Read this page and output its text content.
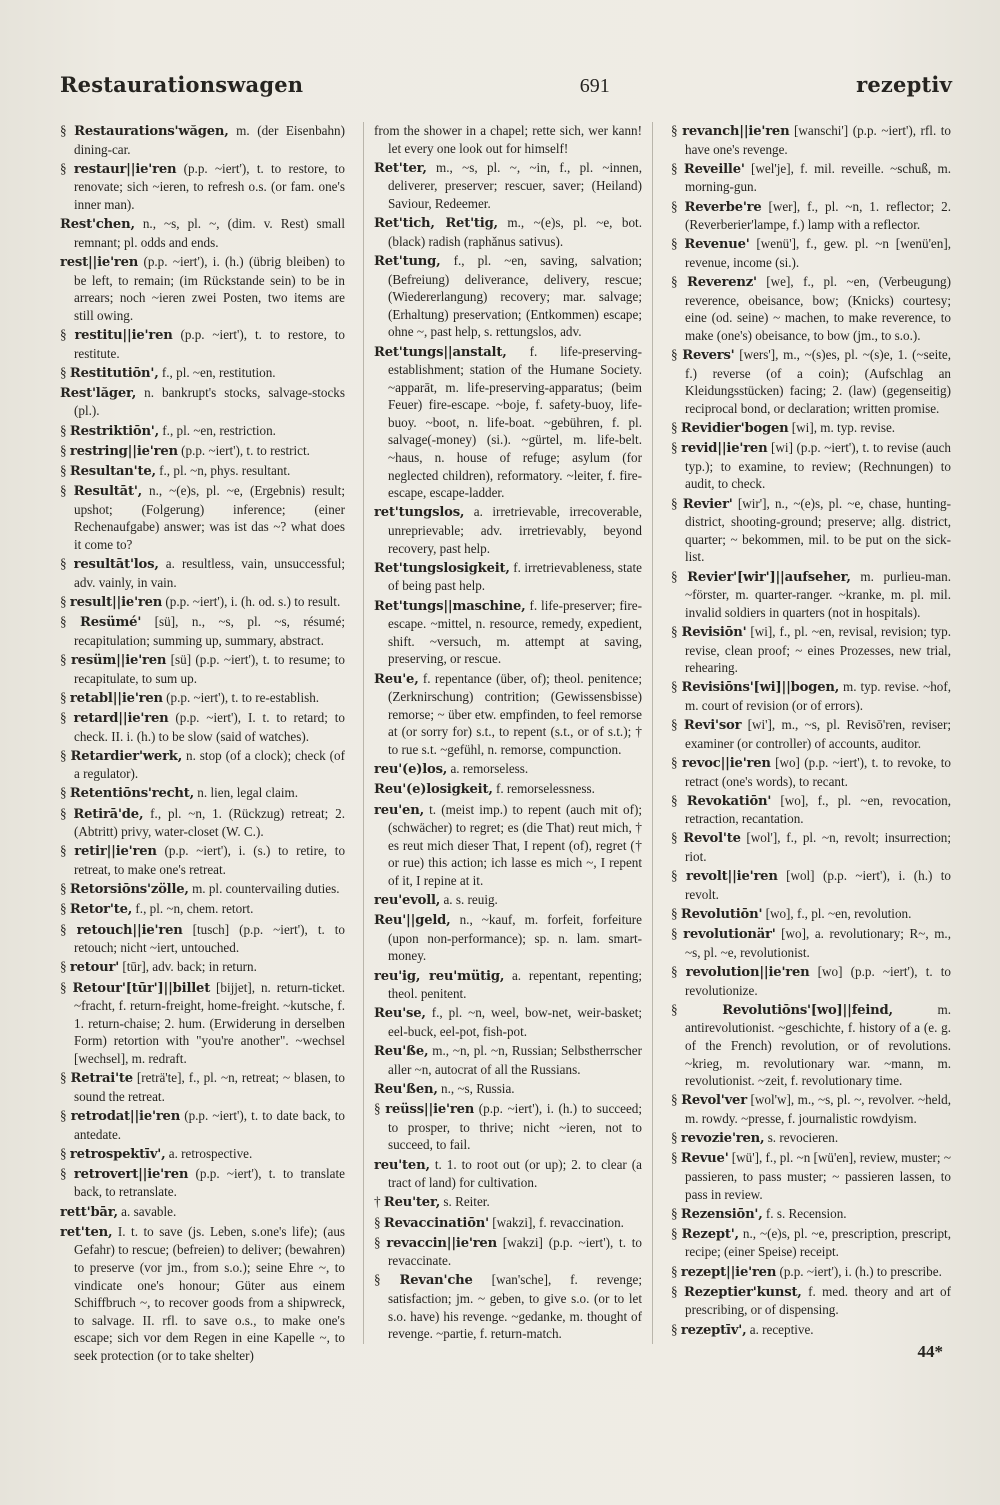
Restaurationswagen	691	rezeptiv

§ Restaurations'wăgen, m. (der Eisenbahn) dining-car.

§ restaur||ie'ren (p.p. ~iert'), t. to restore, to renovate; sich ~ieren, to refresh o.s. (or fam. one's inner man).

Rest'chen, n., ~s, pl. ~, (dim. v. Rest) small remnant; pl. odds and ends.

rest||ie'ren (p.p. ~iert'), i. (h.) (übrig bleiben) to be left, to remain; (im Rückstande sein) to be in arrears; noch ~ieren zwei Posten, two items are still owing.

§ restitu||ie'ren (p.p. ~iert'), t. to restore, to restitute.

§ Restitutiōn', f., pl. ~en, restitution.

Rest'lăger, n. bankrupt's stocks, salvage-stocks (pl.).

§ Restriktiōn', f., pl. ~en, restriction.

§ restring||ie'ren (p.p. ~iert'), t. to restrict.

§ Resultan'te, f., pl. ~n, phys. resultant.

§ Resultāt', n., ~(e)s, pl. ~e, (Ergebnis) result; upshot; (Folgerung) inference; (einer Rechenaufgabe) answer; was ist das ~? what does it come to?

§ resultāt'los, a. resultless, vain, unsuccessful; adv. vainly, in vain.

§ result||ie'ren (p.p. ~iert'), i. (h. od. s.) to result.

§ Resümé' [sü], n., ~s, pl. ~s, résumé; recapitulation; summing up, summary, abstract.

§ resüm||ie'ren [sü] (p.p. ~iert'), t. to resume; to recapitulate, to sum up.

§ retabl||ie'ren (p.p. ~iert'), t. to re-establish.

§ retard||ie'ren (p.p. ~iert'), I. t. to retard; to check. II. i. (h.) to be slow (said of watches).

§ Retardier'werk, n. stop (of a clock); check (of a regulator).

§ Retentiōns'recht, n. lien, legal claim.

§ Retirā'de, f., pl. ~n, 1. (Rückzug) retreat; 2. (Abtritt) privy, water-closet (W. C.).

§ retir||ie'ren (p.p. ~iert'), i. (s.) to retire, to retreat, to make one's retreat.

§ Retorsiōns'zölle, m. pl. countervailing duties.

§ Retor'te, f., pl. ~n, chem. retort.

§ retouch||ie'ren [tusch] (p.p. ~iert'), t. to retouch; nicht ~iert, untouched.

§ retour' [tūr], adv. back; in return.

§ Retour'[tūr']||billet [bijjet], n. return-ticket. ~fracht, f. return-freight, home-freight. ~kutsche, f. 1. return-chaise; 2. hum. (Erwiderung in derselben Form) retortion with "you're another". ~wechsel [wechsel], m. redraft.

§ Retrai'te [reträ'te], f., pl. ~n, retreat; ~ blasen, to sound the retreat.

§ retrodat||ie'ren (p.p. ~iert'), t. to date back, to antedate.

§ retrospektīv', a. retrospective.

§ retrovert||ie'ren (p.p. ~iert'), t. to translate back, to retranslate.

rett'bār, a. savable.

ret'ten, I. t. to save (js. Leben, s.one's life); (aus Gefahr) to rescue; (befreien) to deliver; (bewahren) to preserve (vor jm., from s.o.); seine Ehre ~, to vindicate one's honour; Güter aus einem Schiffbruch ~, to recover goods from a shipwreck, to salvage. II. rfl. to save o.s., to make one's escape; sich vor dem Regen in eine Kapelle ~, to seek protection (or to take shelter)

from the shower in a chapel; rette sich, wer kann! let every one look out for himself!

Ret'ter, m., ~s, pl. ~, ~in, f., pl. ~innen, deliverer, preserver; rescuer, saver; (Heiland) Saviour, Redeemer.

Ret'tich, Ret'tig, m., ~(e)s, pl. ~e, bot. (black) radish (raphănus sativus).

Ret'tung, f., pl. ~en, saving, salvation; (Befreiung) deliverance, delivery, rescue; (Wiedererlangung) recovery; mar. salvage; (Erhaltung) preservation; (Entkommen) escape; ohne ~, past help, s. rettungslos, adv.

Ret'tungs||anstalt, f. life-preserving-establishment; station of the Humane Society. ~apparāt, m. life-preserving-apparatus; (beim Feuer) fire-escape. ~boje, f. safety-buoy, life-buoy. ~boot, n. life-boat. ~gebühren, f. pl. salvage(-money) (si.). ~gürtel, m. life-belt. ~haus, n. house of refuge; asylum (for neglected children), reformatory. ~leiter, f. fire-escape, escape-ladder.

ret'tungslos, a. irretrievable, irrecoverable, unreprievable; adv. irretrievably, beyond recovery, past help.

Ret'tungslosigkeit, f. irretrievableness, state of being past help.

Ret'tungs||maschine, f. life-preserver; fire-escape. ~mittel, n. resource, remedy, expedient, shift. ~versuch, m. attempt at saving, preserving, or rescue.

Reu'e, f. repentance (über, of); theol. penitence; (Zerknirschung) contrition; (Gewissensbisse) remorse; ~ über etw. empfinden, to feel remorse at (or sorry for) s.t., to repent (s.t., or of s.t.); † to rue s.t. ~gefühl, n. remorse, compunction.

reu'(e)los, a. remorseless.

Reu'(e)losigkeit, f. remorselessness.

reu'en, t. (meist imp.) to repent (auch mit of); (schwächer) to regret; es (die That) reut mich, † es reut mich dieser That, I repent (of), regret († or rue) this action; ich lasse es mich ~, I repent of it, I repine at it.

reu'evoll, a. s. reuig.

Reu'||geld, n., ~kauf, m. forfeit, forfeiture (upon non-performance); sp. n. lam. smart-money.

reu'ig, reu'mütig, a. repentant, repenting; theol. penitent.

Reu'se, f., pl. ~n, weel, bow-net, weir-basket; eel-buck, eel-pot, fish-pot.

Reu'ße, m., ~n, pl. ~n, Russian; Selbstherrscher aller ~n, autocrat of all the Russians.

Reu'ßen, n., ~s, Russia.

§ reüss||ie'ren (p.p. ~iert'), i. (h.) to succeed; to prosper, to thrive; nicht ~ieren, not to succeed, to fail.

reu'ten, t. 1. to root out (or up); 2. to clear (a tract of land) for cultivation.

† Reu'ter, s. Reiter.

§ Revaccinatiōn' [wakzi], f. revaccination.

§ revaccin||ie'ren [wakzi] (p.p. ~iert'), t. to revaccinate.

§ Revan'che [wan'sche], f. revenge; satisfaction; jm. ~ geben, to give s.o. (or to let s.o. have) his revenge. ~gedanke, m. thought of revenge. ~partie, f. return-match.

§ revanch||ie'ren [wanschi'] (p.p. ~iert'), rfl. to have one's revenge.

§ Reveille' [wel'je], f. mil. reveille. ~schuß, m. morning-gun.

§ Reverbe're [wer], f., pl. ~n, 1. reflector; 2. (Reverberier'lampe, f.) lamp with a reflector.

§ Revenue' [wenü'], f., gew. pl. ~n [wenü'en], revenue, income (si.).

§ Reverenz' [we], f., pl. ~en, (Verbeugung) reverence, obeisance, bow; (Knicks) courtesy; eine (od. seine) ~ machen, to make reverence, to make (one's) obeisance, to bow (jm., to s.o.).

§ Revers' [wers'], m., ~(s)es, pl. ~(s)e, 1. (~seite, f.) reverse (of a coin); (Aufschlag an Kleidungsstücken) facing; 2. (law) (gegenseitig) reciprocal bond, or declaration; written promise.

§ Revidier'bogen [wi], m. typ. revise.

§ revid||ie'ren [wi] (p.p. ~iert'), t. to revise (auch typ.); to examine, to review; (Rechnungen) to audit, to check.

§ Revier' [wir'], n., ~(e)s, pl. ~e, chase, hunting-district, shooting-ground; preserve; allg. district, quarter; ~ bekommen, mil. to be put on the sick-list.

§ Revier'[wir']||aufseher, m. purlieu-man. ~förster, m. quarter-ranger. ~kranke, m. pl. mil. invalid soldiers in quarters (not in hospitals).

§ Revisiōn' [wi], f., pl. ~en, revisal, revision; typ. revise, clean proof; ~ eines Prozesses, new trial, rehearing.

§ Revisiōns'[wi]||bogen, m. typ. revise. ~hof, m. court of revision (or of errors).

§ Revi'sor [wi'], m., ~s, pl. Revisō'ren, reviser; examiner (or controller) of accounts, auditor.

§ revoc||ie'ren [wo] (p.p. ~iert'), t. to revoke, to retract (one's words), to recant.

§ Revokatiōn' [wo], f., pl. ~en, revocation, retraction, recantation.

§ Revol'te [wol'], f., pl. ~n, revolt; insurrection; riot.

§ revolt||ie'ren [wol] (p.p. ~iert'), i. (h.) to revolt.

§ Revolutiōn' [wo], f., pl. ~en, revolution.

§ revolutionär' [wo], a. revolutionary; R~, m., ~s, pl. ~e, revolutionist.

§ revolution||ie'ren [wo] (p.p. ~iert'), t. to revolutionize.

§ Revolutiōns'[wo]||feind, m. antirevolutionist. ~geschichte, f. history of a (e. g. of the French) revolution, or of revolutions. ~krieg, m. revolutionary war. ~mann, m. revolutionist. ~zeit, f. revolutionary time.

§ Revol'ver [wol'w], m., ~s, pl. ~, revolver. ~held, m. rowdy. ~presse, f. journalistic rowdyism.

§ revozie'ren, s. revocieren.

§ Revue' [wü'], f., pl. ~n [wü'en], review, muster; ~ passieren, to pass muster; ~ passieren lassen, to pass in review.

§ Rezensiōn', f. s. Recension.

§ Rezept', n., ~(e)s, pl. ~e, prescription, prescript, recipe; (einer Speise) receipt.

§ rezept||ie'ren (p.p. ~iert'), i. (h.) to prescribe.

§ Rezeptier'kunst, f. med. theory and art of prescribing, or of dispensing.

§ rezeptīv', a. receptive.

44*
